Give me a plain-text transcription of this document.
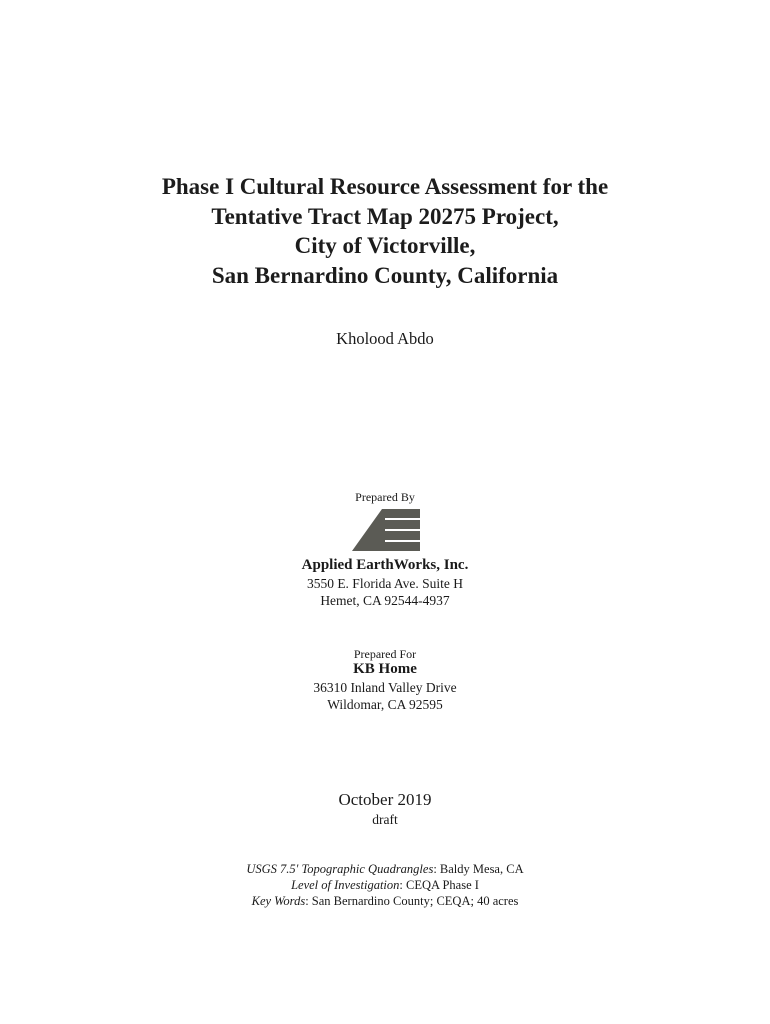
Phase I Cultural Resource Assessment for the
Tentative Tract Map 20275 Project,
City of Victorville,
San Bernardino County, California
Kholood Abdo
Prepared By
Applied EarthWorks, Inc.
3550 E. Florida Ave. Suite H
Hemet, CA 92544-4937
Prepared For
KB Home
36310 Inland Valley Drive
Wildomar, CA 92595
October 2019
draft
USGS 7.5' Topographic Quadrangles: Baldy Mesa, CA
Level of Investigation: CEQA Phase I
Key Words: San Bernardino County; CEQA; 40 acres
